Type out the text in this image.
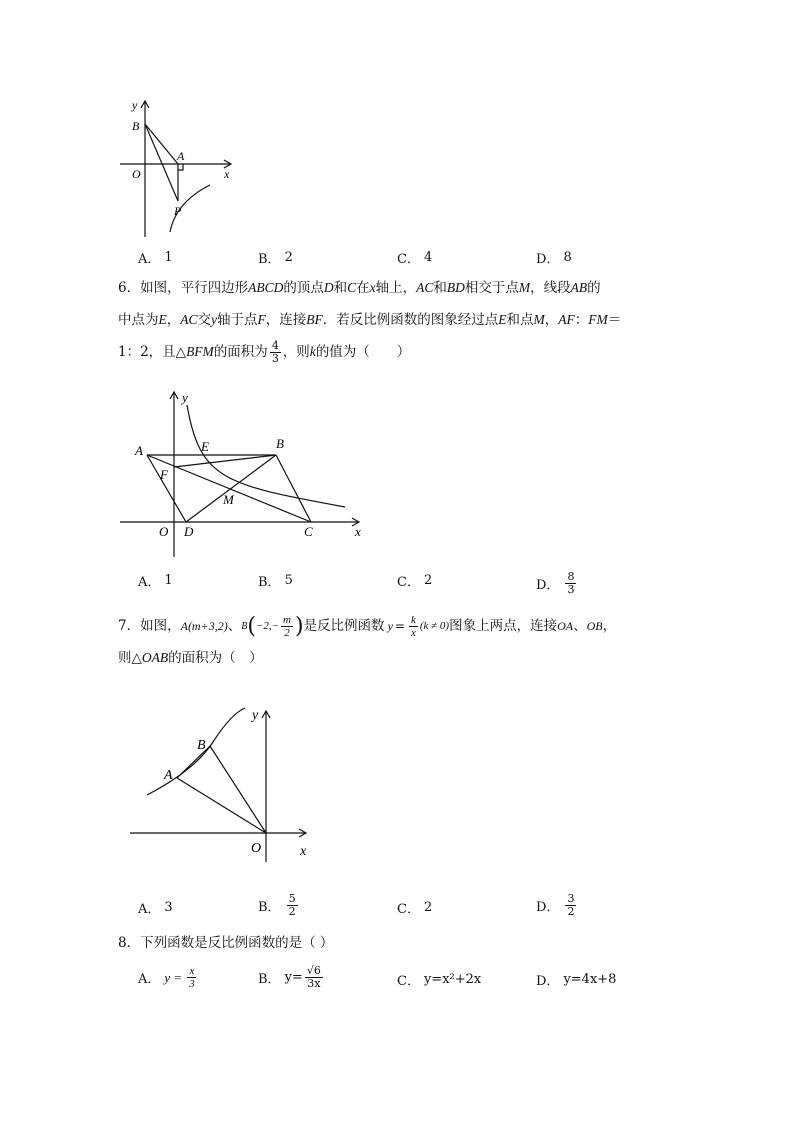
y
B
A
O	x
P
A． 1	B． 2	C． 4	D． 8

6．如图，平行四边形ABCD的顶点D和C在x轴上，AC和BD相交于点M，线段AB的

中点为E，AC交y轴于点F，连接BF．若反比例函数的图象经过点E和点M，AF：FM＝

1：2，且△BFM的面积为 $\frac{4}{3}$ ，则k的值为（　　）

y
A	E	B
F
M
O D	C	x
A． 1	B． 5	C． 2	D． $\frac{8}{3}$

7．如图， A (m+3,2) 、 B ( $-2,- \frac{m}{2}$ ) 是反比例函数 $y = \frac{k}{x} (k \ne 0)$ 图象上两点，连接 OA 、 OB ，

则△OAB的面积为（　）

y
B
A
O	x
A． 3	B． $\frac{5}{2}$	C． 2	D． $\frac{3}{2}$

8．下列函数是反比例函数的是（ ）

A． $y = \frac{x}{3}$	B． $y= \frac{√6}{3x}$	C． y=x²+2x	D． y=4x+8
